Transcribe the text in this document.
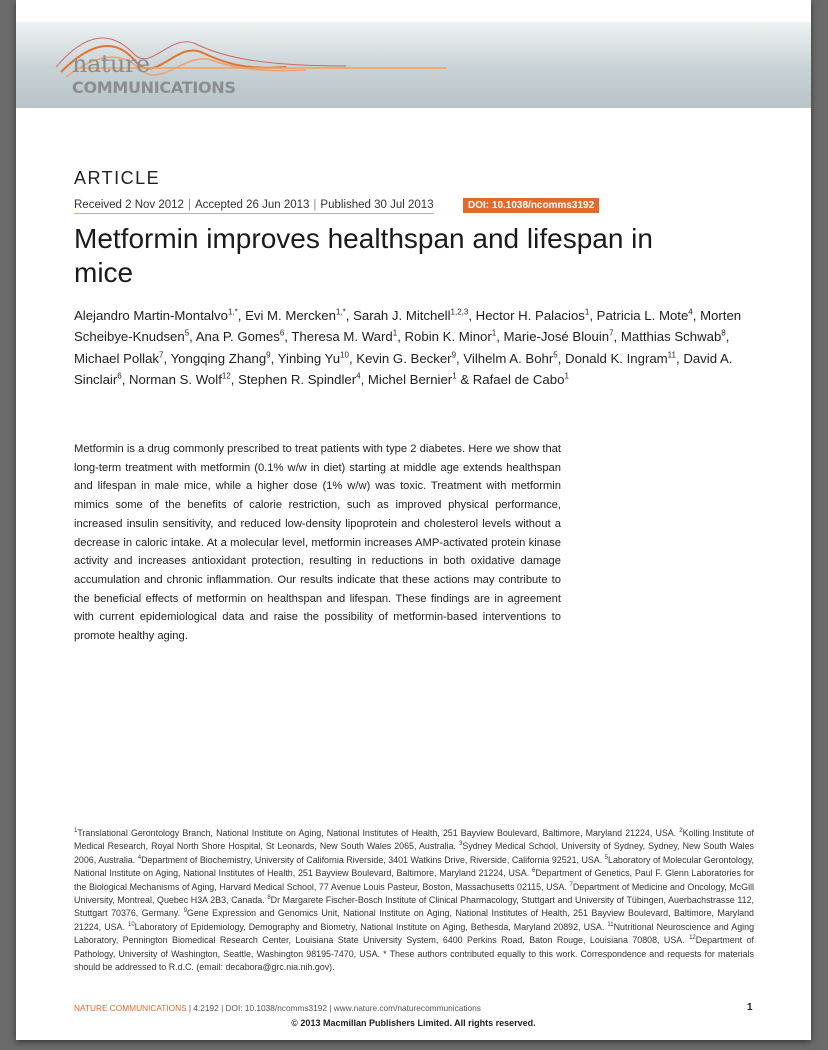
nature
COMMUNICATIONS
ARTICLE
Received 2 Nov 2012 | Accepted 26 Jun 2013 | Published 30 Jul 2013	DOI: 10.1038/ncomms3192
Metformin improves healthspan and lifespan in mice
Alejandro Martin-Montalvo$^{1,*}$, Evi M. Mercken$^{1,*}$, Sarah J. Mitchell$^{1,2,3}$, Hector H. Palacios$^1$, Patricia L. Mote$^4$, Morten Scheibye-Knudsen$^5$, Ana P. Gomes$^6$, Theresa M. Ward$^1$, Robin K. Minor$^1$, Marie-José Blouin$^7$, Matthias Schwab$^8$, Michael Pollak$^7$, Yongqing Zhang$^9$, Yinbing Yu$^{10}$, Kevin G. Becker$^9$, Vilhelm A. Bohr$^5$, Donald K. Ingram$^{11}$, David A. Sinclair$^6$, Norman S. Wolf$^{12}$, Stephen R. Spindler$^4$, Michel Bernier$^1$ & Rafael de Cabo$^1$

Metformin is a drug commonly prescribed to treat patients with type 2 diabetes. Here we show that long-term treatment with metformin (0.1% w/w in diet) starting at middle age extends healthspan and lifespan in male mice, while a higher dose (1% w/w) was toxic. Treatment with metformin mimics some of the benefits of calorie restriction, such as improved physical performance, increased insulin sensitivity, and reduced low-density lipoprotein and cholesterol levels without a decrease in caloric intake. At a molecular level, metformin increases AMP-activated protein kinase activity and increases antioxidant protection, resulting in reductions in both oxidative damage accumulation and chronic inflammation. Our results indicate that these actions may contribute to the beneficial effects of metformin on healthspan and lifespan. These findings are in agreement with current epidemiological data and raise the possibility of metformin-based interventions to promote healthy aging.

$^1$Translational Gerontology Branch, National Institute on Aging, National Institutes of Health, 251 Bayview Boulevard, Baltimore, Maryland 21224, USA. $^2$Kolling Institute of Medical Research, Royal North Shore Hospital, St Leonards, New South Wales 2065, Australia. $^3$Sydney Medical School, University of Sydney, Sydney, New South Wales 2006, Australia. $^4$Department of Biochemistry, University of California Riverside, 3401 Watkins Drive, Riverside, California 92521, USA. $^5$Laboratory of Molecular Gerontology, National Institute on Aging, National Institutes of Health, 251 Bayview Boulevard, Baltimore, Maryland 21224, USA. $^6$Department of Genetics, Paul F. Glenn Laboratories for the Biological Mechanisms of Aging, Harvard Medical School, 77 Avenue Louis Pasteur, Boston, Massachusetts 02115, USA. $^7$Department of Medicine and Oncology, McGill University, Montreal, Quebec H3A 2B3, Canada. $^8$Dr Margarete Fischer-Bosch Institute of Clinical Pharmacology, Stuttgart and University of Tübingen, Auerbachstrasse 112, Stuttgart 70376, Germany. $^9$Gene Expression and Genomics Unit, National Institute on Aging, National Institutes of Health, 251 Bayview Boulevard, Baltimore, Maryland 21224, USA. $^{10}$Laboratory of Epidemiology, Demography and Biometry, National Institute on Aging, Bethesda, Maryland 20892, USA. $^{11}$Nutritional Neuroscience and Aging Laboratory, Pennington Biomedical Research Center, Louisiana State University System, 6400 Perkins Road, Baton Rouge, Louisiana 70808, USA. $^{12}$Department of Pathology, University of Washington, Seattle, Washington 98195-7470, USA. * These authors contributed equally to this work. Correspondence and requests for materials should be addressed to R.d.C. (email: decabora@grc.nia.nih.gov).
NATURE COMMUNICATIONS | 4:2192 | DOI: 10.1038/ncomms3192 | www.nature.com/naturecommunications	1
© 2013 Macmillan Publishers Limited. All rights reserved.
